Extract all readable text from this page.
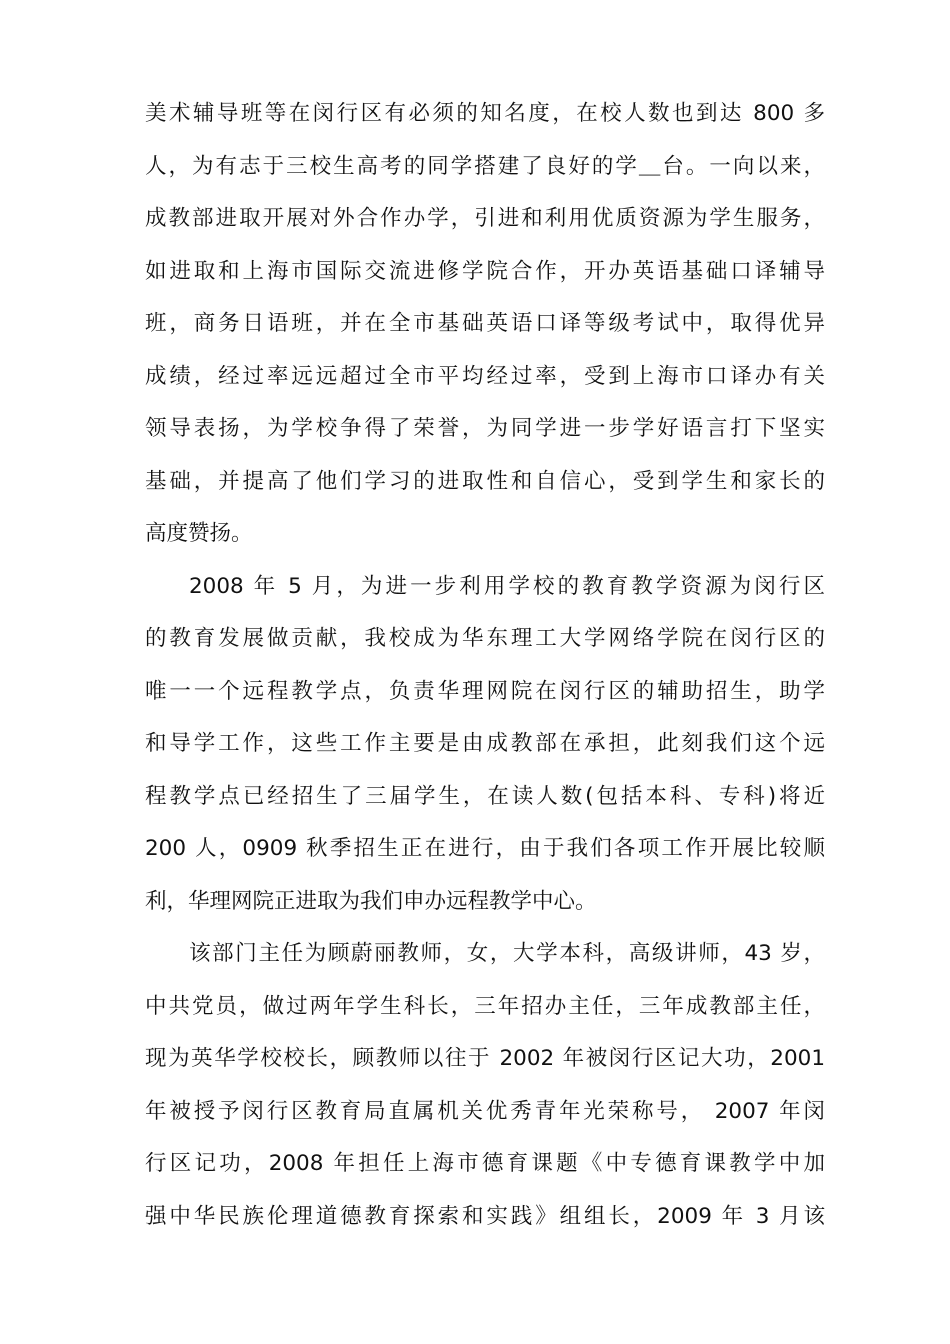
美术辅导班等在闵行区有必须的知名度，在校人数也到达 800 多
人，为有志于三校生高考的同学搭建了良好的学＿台。一向以来，
成教部进取开展对外合作办学，引进和利用优质资源为学生服务，
如进取和上海市国际交流进修学院合作，开办英语基础口译辅导
班，商务日语班，并在全市基础英语口译等级考试中，取得优异
成绩，经过率远远超过全市平均经过率，受到上海市口译办有关
领导表扬，为学校争得了荣誉，为同学进一步学好语言打下坚实
基础，并提高了他们学习的进取性和自信心，受到学生和家长的
高度赞扬。
2008 年 5 月，为进一步利用学校的教育教学资源为闵行区
的教育发展做贡献，我校成为华东理工大学网络学院在闵行区的
唯一一个远程教学点，负责华理网院在闵行区的辅助招生，助学
和导学工作，这些工作主要是由成教部在承担，此刻我们这个远
程教学点已经招生了三届学生，在读人数(包括本科、专科)将近
200 人，0909 秋季招生正在进行，由于我们各项工作开展比较顺
利，华理网院正进取为我们申办远程教学中心。
该部门主任为顾蔚丽教师，女，大学本科，高级讲师，43 岁，
中共党员，做过两年学生科长，三年招办主任，三年成教部主任，
现为英华学校校长，顾教师以往于 2002 年被闵行区记大功，2001
年被授予闵行区教育局直属机关优秀青年光荣称号， 2007 年闵
行区记功，2008 年担任上海市德育课题《中专德育课教学中加
强中华民族伦理道德教育探索和实践》组组长，2009 年 3 月该
